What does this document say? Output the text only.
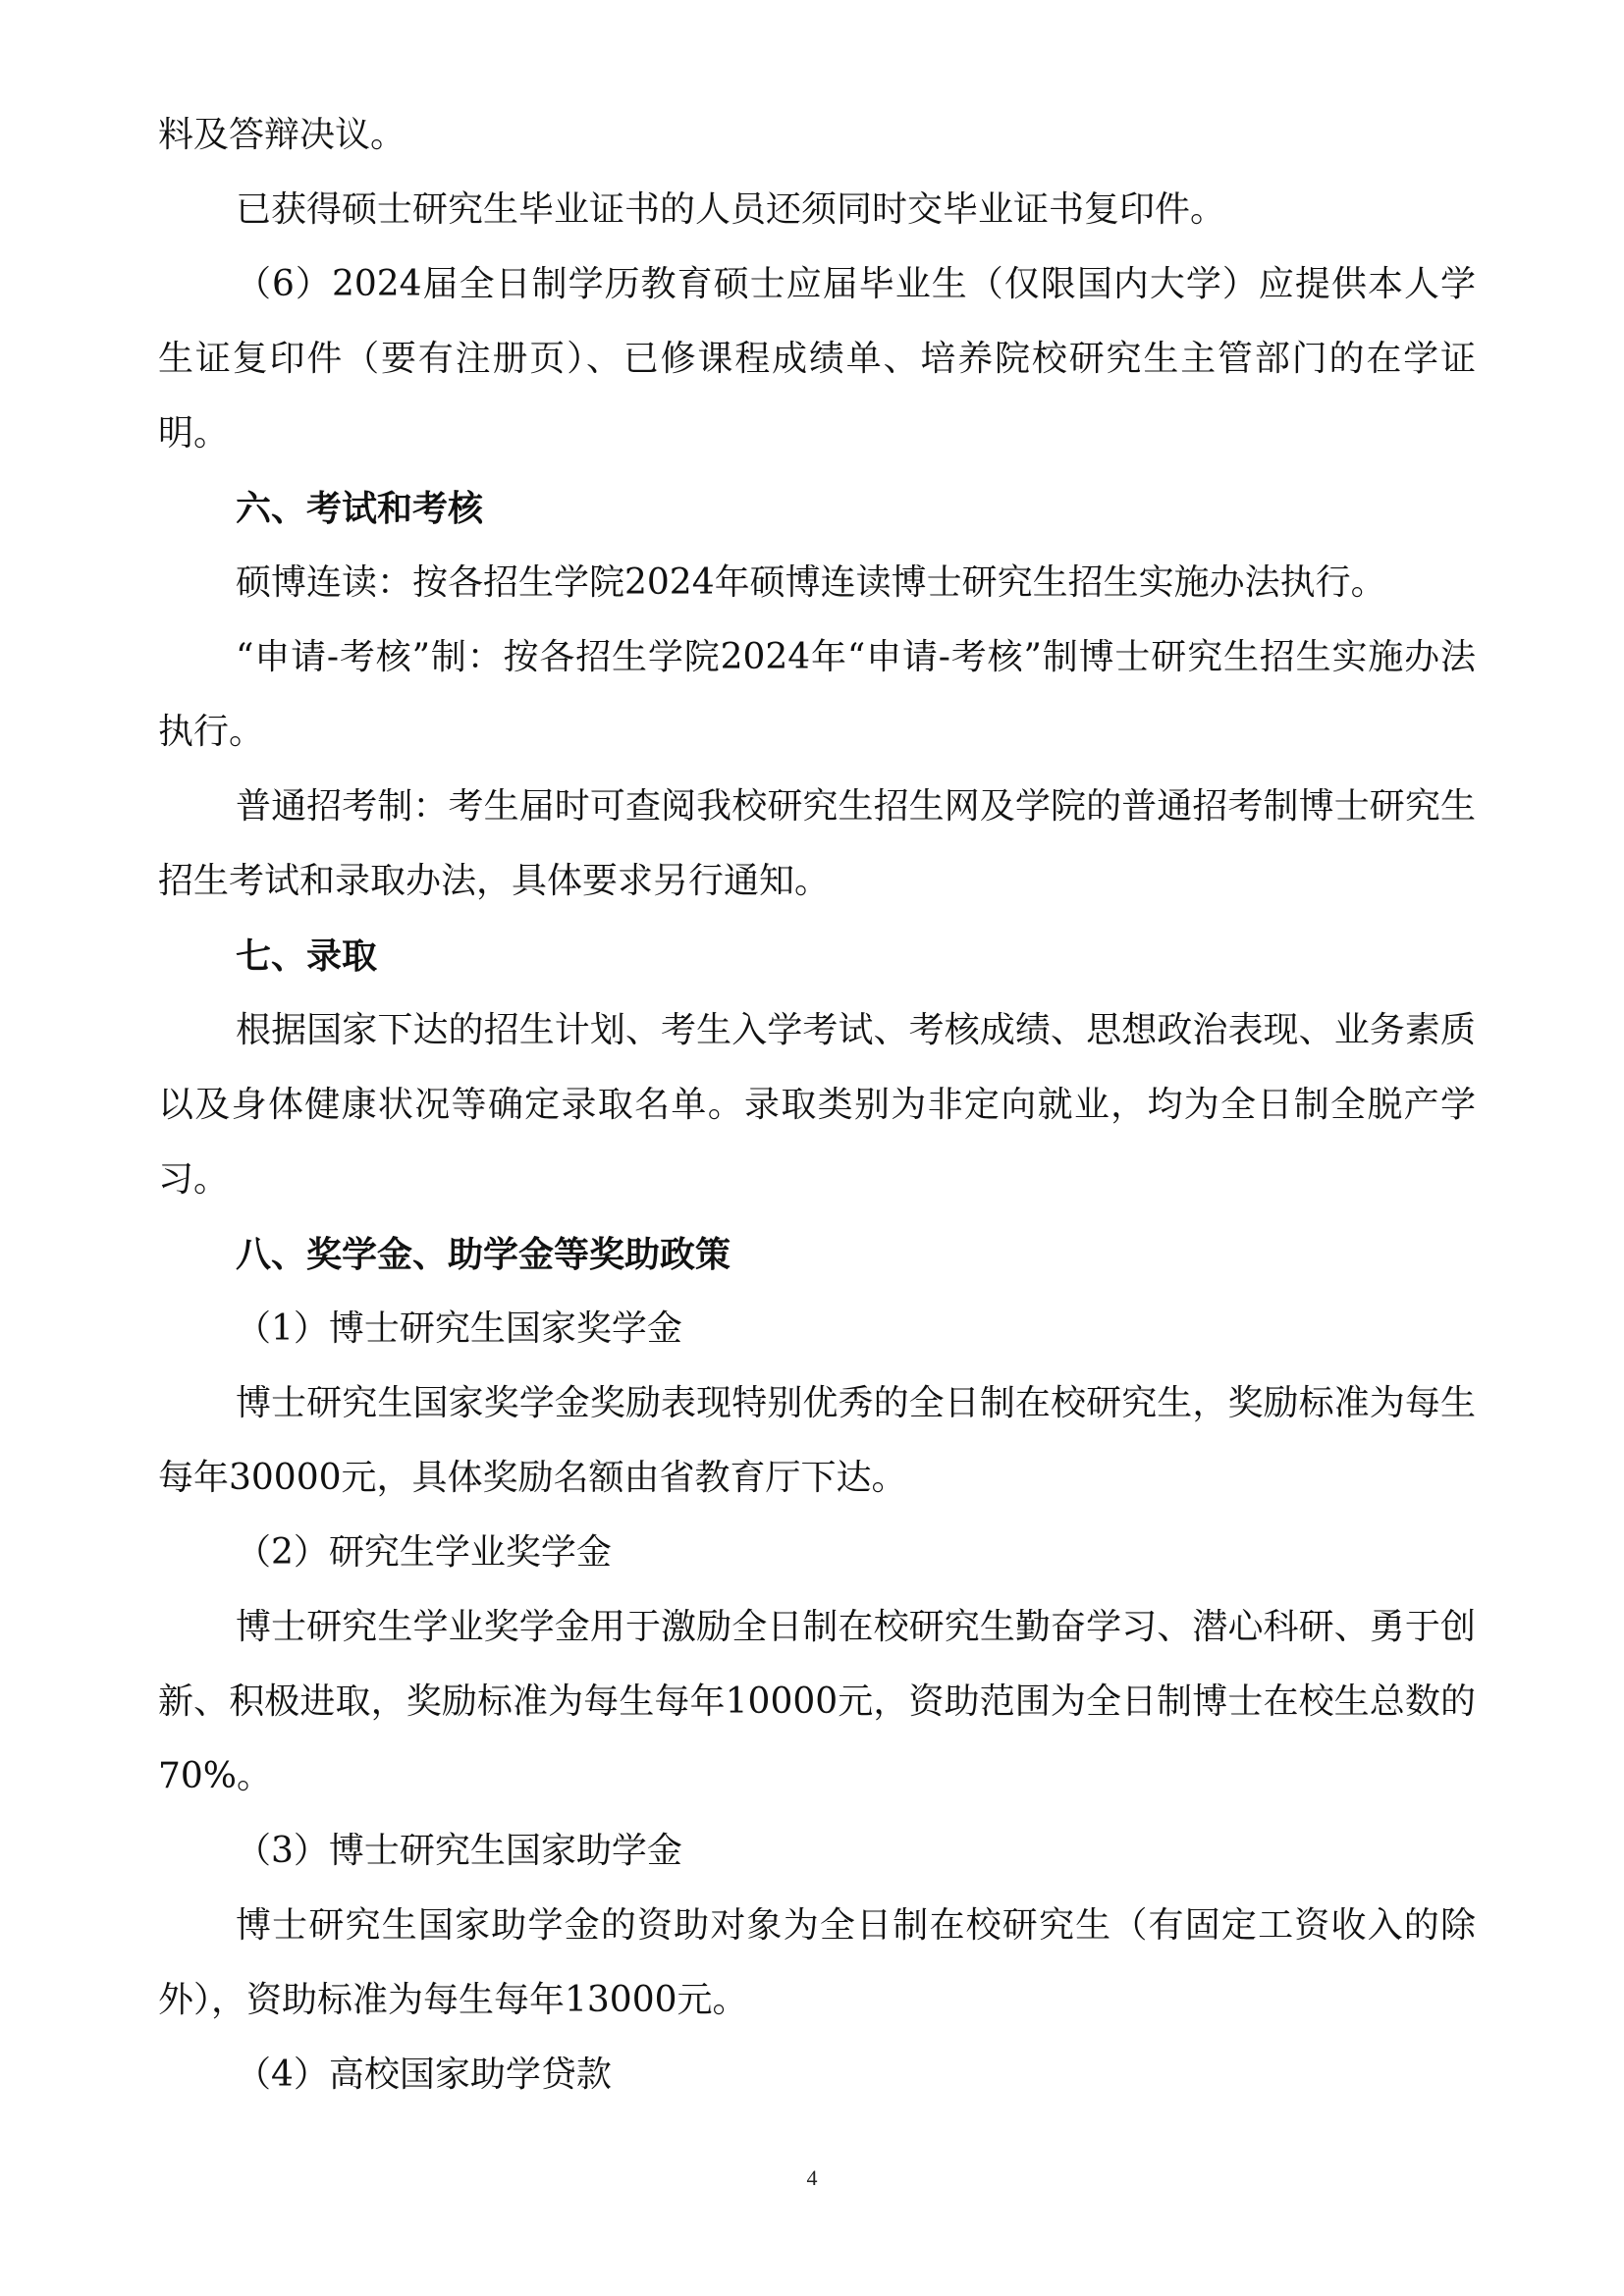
料及答辩决议。

已获得硕士研究生毕业证书的人员还须同时交毕业证书复印件。

（6）2024届全日制学历教育硕士应届毕业生（仅限国内大学）应提供本人学生证复印件（要有注册页）、已修课程成绩单、培养院校研究生主管部门的在学证明。

六、考试和考核

硕博连读：按各招生学院2024年硕博连读博士研究生招生实施办法执行。

“申请-考核”制：按各招生学院2024年“申请-考核”制博士研究生招生实施办法执行。

普通招考制：考生届时可查阅我校研究生招生网及学院的普通招考制博士研究生招生考试和录取办法，具体要求另行通知。

七、录取

根据国家下达的招生计划、考生入学考试、考核成绩、思想政治表现、业务素质以及身体健康状况等确定录取名单。录取类别为非定向就业，均为全日制全脱产学习。

八、奖学金、助学金等奖助政策

（1）博士研究生国家奖学金

博士研究生国家奖学金奖励表现特别优秀的全日制在校研究生，奖励标准为每生每年30000元，具体奖励名额由省教育厅下达。

（2）研究生学业奖学金

博士研究生学业奖学金用于激励全日制在校研究生勤奋学习、潜心科研、勇于创新、积极进取，奖励标准为每生每年10000元，资助范围为全日制博士在校生总数的70%。

（3）博士研究生国家助学金

博士研究生国家助学金的资助对象为全日制在校研究生（有固定工资收入的除外），资助标准为每生每年13000元。

（4）高校国家助学贷款

4
